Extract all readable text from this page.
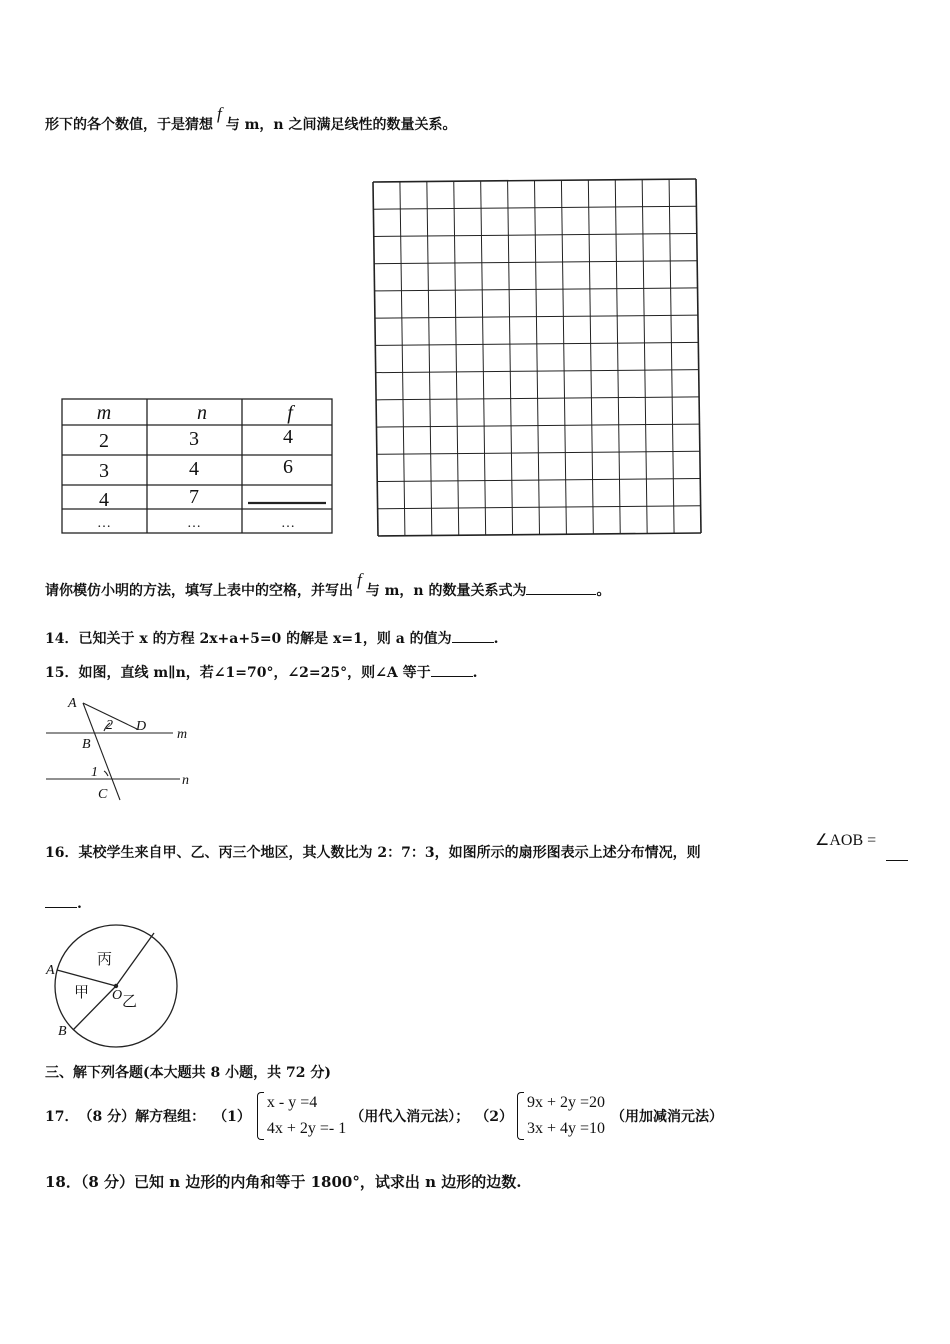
形下的各个数值，于是猜想f与 m，n 之间满足线性的数量关系。
m	n	f
2	3	4
3	4	6
4	7
…	…	…
请你模仿小明的方法，填写上表中的空格，并写出f与 m，n 的数量关系式为	。
14．已知关于 x 的方程 2x+a+5=0 的解是 x=1，则 a 的值为	.
15．如图，直线 m∥n，若∠1=70°，∠2=25°，则∠A 等于	.
A
D
2
B
m
1
n
C
16．某校学生来自甲、乙、丙三个地区，其人数比为 2：7：3，如图所示的扇形图表示上述分布情况，则
∠AOB =
.
A
B
O
丙
甲
乙
三、解下列各题(本大题共 8 小题，共 72 分)
17． （8 分） 解方程组： （1）
x - y =4
4x + 2y =- 1
（用代入消元法）； （2）
9x + 2y =20
3x + 4y =10
（用加减消元法）
18．（8 分）已知 n 边形的内角和等于 1800°，试求出 n 边形的边数.
